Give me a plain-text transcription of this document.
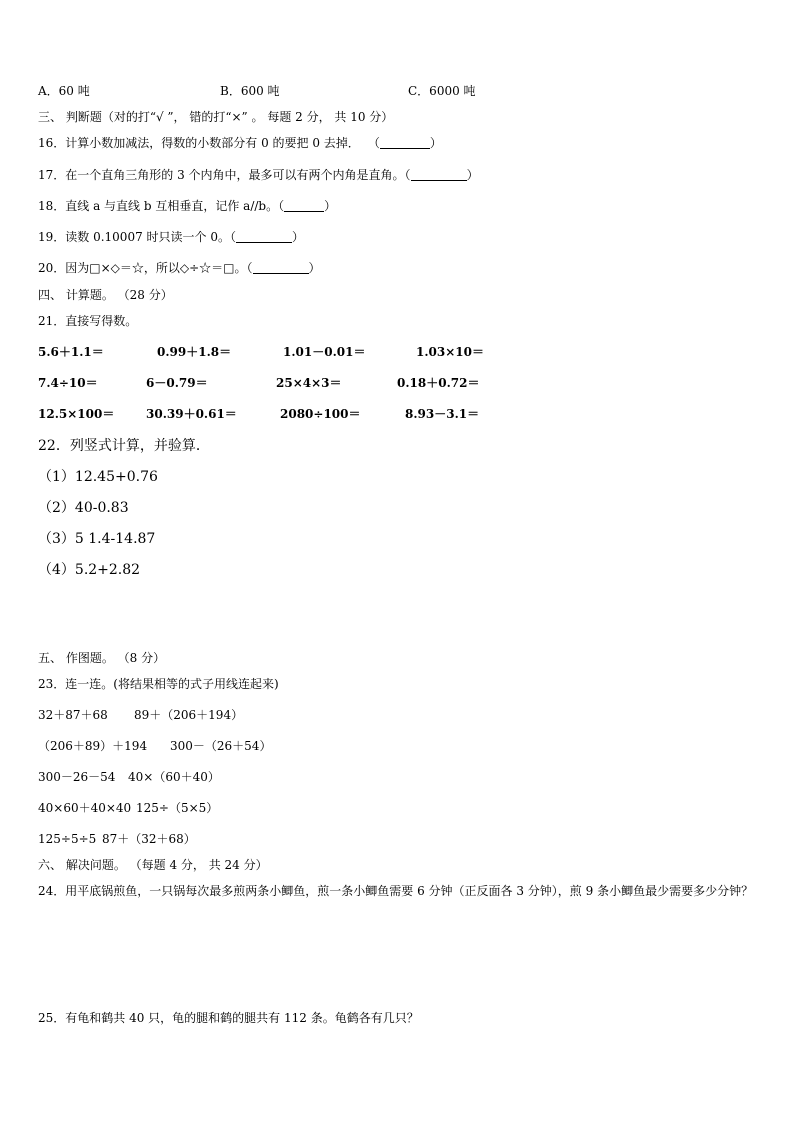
A．60 吨	B．600 吨	C．6000 吨
三、 判断题（对的打“√ ”， 错的打“×” 。 每题 2 分， 共 10 分）
16．计算小数加减法，得数的小数部分有 0 的要把 0 去掉． （	）
17．在一个直角三角形的 3 个内角中，最多可以有两个内角是直角。（	）
18．直线 a 与直线 b 互相垂直，记作 a//b。（	）
19．读数 0.10007 时只读一个 0。（	）
20．因为□×◇＝☆，所以◇÷☆＝□。（	）
四、 计算题。 （28 分）
21．直接写得数。
5.6＋1.1＝	0.99＋1.8＝	1.01－0.01＝	1.03×10＝
7.4÷10＝	6－0.79＝	25×4×3＝	0.18＋0.72＝
12.5×100＝	30.39＋0.61＝	2080÷100＝	8.93－3.1＝
22．列竖式计算，并验算．
（1）12.45+0.76
（2）40-0.83
（3）5 1.4-14.87
（4）5.2+2.82
五、 作图题。 （8 分）
23．连一连。(将结果相等的式子用线连起来)
32＋87＋68 89＋（206＋194）
（206＋89）＋194 300－（26＋54）
300－26－54 40×（60＋40）
40×60＋40×40 125÷（5×5）
125÷5÷5 87＋（32＋68）
六、 解决问题。 （每题 4 分， 共 24 分）
24．用平底锅煎鱼，一只锅每次最多煎两条小鲫鱼，煎一条小鲫鱼需要 6 分钟（正反面各 3 分钟），煎 9 条小鲫鱼最少需要多少分钟？
25．有龟和鹤共 40 只，龟的腿和鹤的腿共有 112 条。龟鹤各有几只？
